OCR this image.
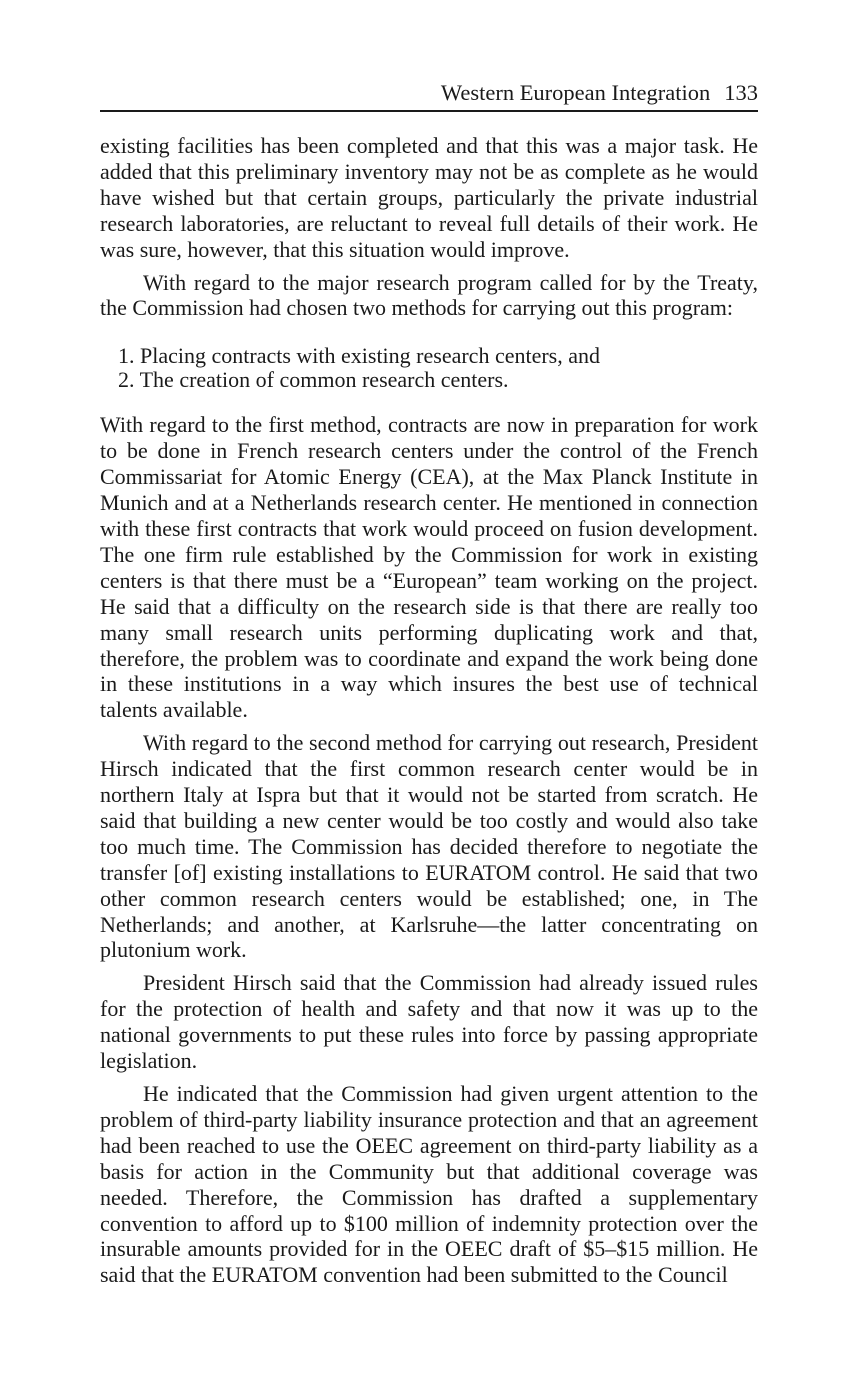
Western European Integration 133

existing facilities has been completed and that this was a major task. He added that this preliminary inventory may not be as complete as he would have wished but that certain groups, particularly the private industrial research laboratories, are reluctant to reveal full details of their work. He was sure, however, that this situation would improve.

With regard to the major research program called for by the Treaty, the Commission had chosen two methods for carrying out this program:

1. Placing contracts with existing research centers, and
2. The creation of common research centers.

With regard to the first method, contracts are now in preparation for work to be done in French research centers under the control of the French Commissariat for Atomic Energy (CEA), at the Max Planck Institute in Munich and at a Netherlands research center. He mentioned in connection with these first contracts that work would proceed on fusion development. The one firm rule established by the Commission for work in existing centers is that there must be a “European” team working on the project. He said that a difficulty on the research side is that there are really too many small research units performing duplicating work and that, therefore, the problem was to coordinate and expand the work being done in these institutions in a way which insures the best use of technical talents available.

With regard to the second method for carrying out research, President Hirsch indicated that the first common research center would be in northern Italy at Ispra but that it would not be started from scratch. He said that building a new center would be too costly and would also take too much time. The Commission has decided therefore to negotiate the transfer [of] existing installations to EURATOM control. He said that two other common research centers would be established; one, in The Netherlands; and another, at Karlsruhe—the latter concentrating on plutonium work.

President Hirsch said that the Commission had already issued rules for the protection of health and safety and that now it was up to the national governments to put these rules into force by passing appropriate legislation.

He indicated that the Commission had given urgent attention to the problem of third-party liability insurance protection and that an agreement had been reached to use the OEEC agreement on third-party liability as a basis for action in the Community but that additional coverage was needed. Therefore, the Commission has drafted a supplementary convention to afford up to $100 million of indemnity protection over the insurable amounts provided for in the OEEC draft of $5–$15 million. He said that the EURATOM convention had been submitted to the Council
